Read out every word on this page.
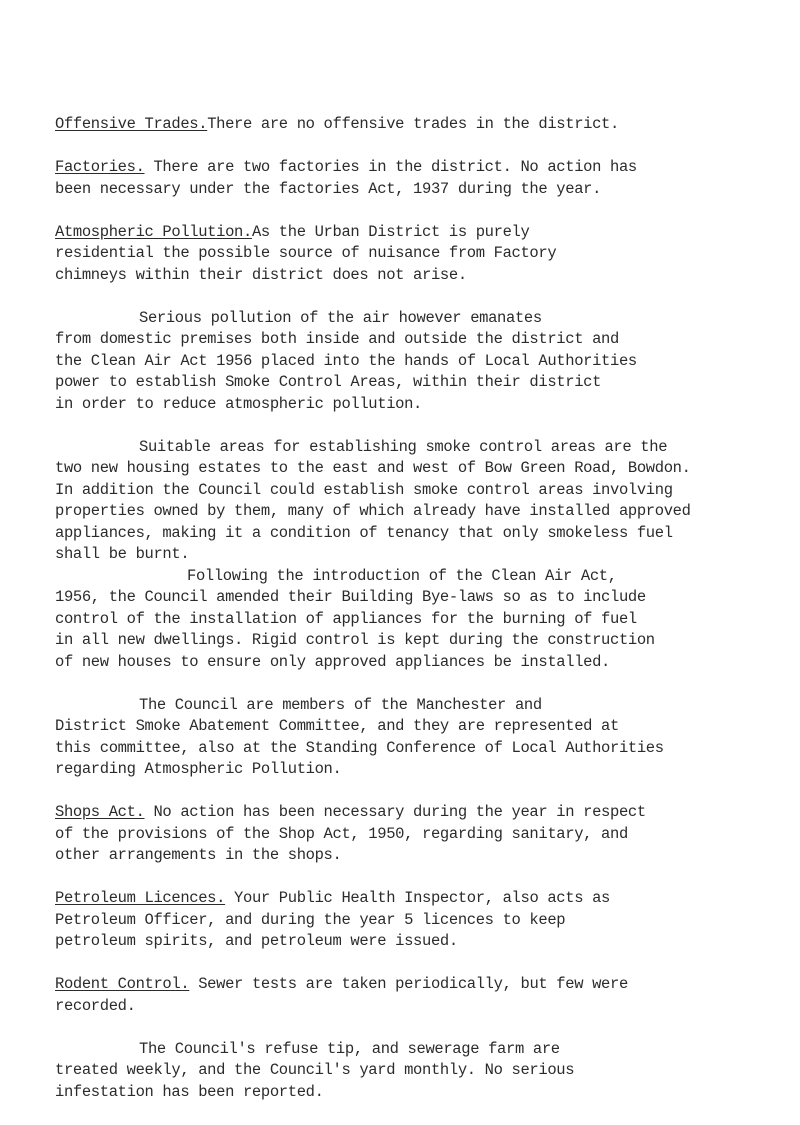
Offensive Trades.There are no offensive trades in the district.

Factories. There are two factories in the district. No action has
been necessary under the factories Act, 1937 during the year.

Atmospheric Pollution.As the Urban District is purely
residential the possible source of nuisance from Factory
chimneys within their district does not arise.

Serious pollution of the air however emanates
from domestic premises both inside and outside the district and
the Clean Air Act 1956 placed into the hands of Local Authorities
power to establish Smoke Control Areas, within their district
in order to reduce atmospheric pollution.

Suitable areas for establishing smoke control areas are the
two new housing estates to the east and west of Bow Green Road, Bowdon.
In addition the Council could establish smoke control areas involving
properties owned by them, many of which already have installed approved
appliances, making it a condition of tenancy that only smokeless fuel
shall be burnt.

Following the introduction of the Clean Air Act,
1956, the Council amended their Building Bye-laws so as to include
control of the installation of appliances for the burning of fuel
in all new dwellings. Rigid control is kept during the construction
of new houses to ensure only approved appliances be installed.

The Council are members of the Manchester and
District Smoke Abatement Committee, and they are represented at
this committee, also at the Standing Conference of Local Authorities
regarding Atmospheric Pollution.

Shops Act. No action has been necessary during the year in respect
of the provisions of the Shop Act, 1950, regarding sanitary, and
other arrangements in the shops.

Petroleum Licences. Your Public Health Inspector, also acts as
Petroleum Officer, and during the year 5 licences to keep
petroleum spirits, and petroleum were issued.

Rodent Control. Sewer tests are taken periodically, but few were
recorded.

The Council's refuse tip, and sewerage farm are
treated weekly, and the Council's yard monthly. No serious
infestation has been reported.
